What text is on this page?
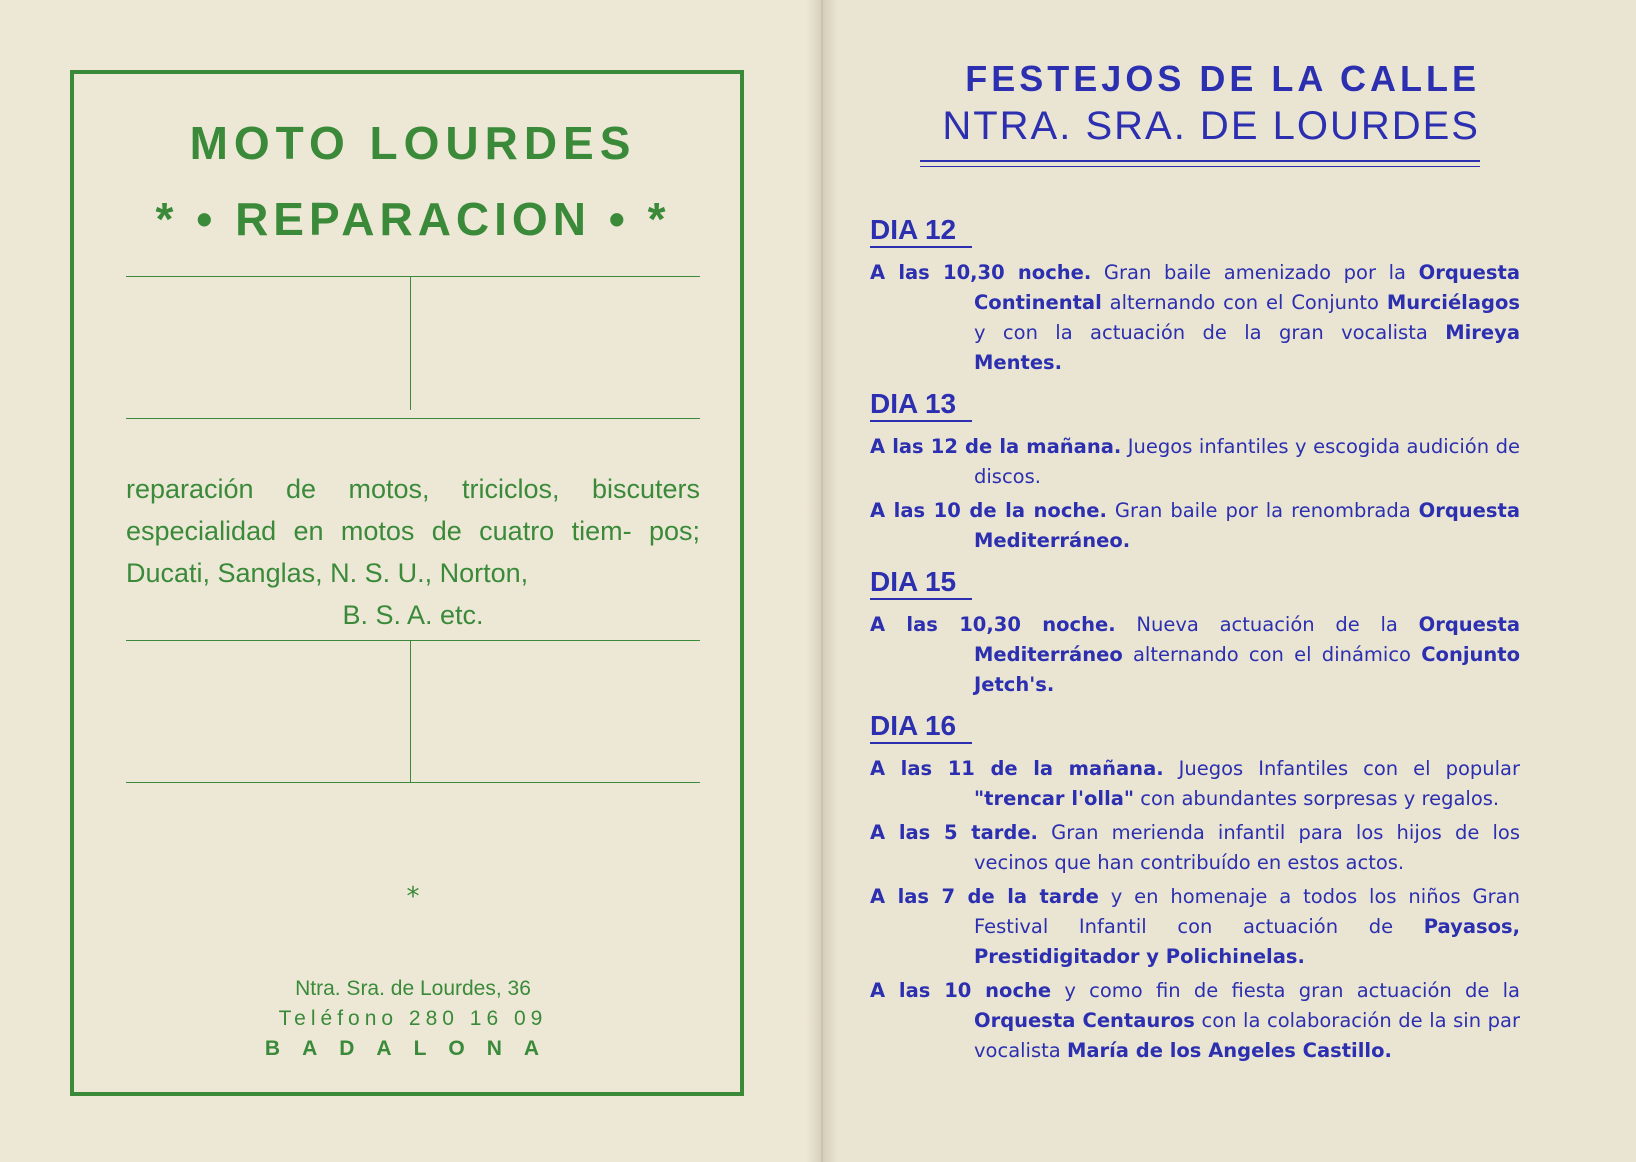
MOTO LOURDES
* • REPARACION • *
reparación de motos, triciclos, biscuters especialidad en motos de cuatro tiem- pos; Ducati, Sanglas, N. S. U., Norton,
B. S. A. etc.
*
Ntra. Sra. de Lourdes, 36
Teléfono 280 16 09
BADALONA
FESTEJOS DE LA CALLE
NTRA. SRA. DE LOURDES
DIA 12
A las 10,30 noche. Gran baile amenizado por la Orquesta Continental alternando con el Conjunto Murciélagos y con la actuación de la gran vocalista Mireya Mentes.
DIA 13
A las 12 de la mañana. Juegos infantiles y escogida audición de discos.
A las 10 de la noche. Gran baile por la renombrada Orquesta Mediterráneo.
DIA 15
A las 10,30 noche. Nueva actuación de la Orquesta Mediterráneo alternando con el dinámico Conjunto Jetch's.
DIA 16
A las 11 de la mañana. Juegos Infantiles con el popular "trencar l'olla" con abundantes sorpresas y regalos.
A las 5 tarde. Gran merienda infantil para los hijos de los vecinos que han contribuído en estos actos.
A las 7 de la tarde y en homenaje a todos los niños Gran Festival Infantil con actuación de Payasos, Prestidigitador y Polichinelas.
A las 10 noche y como fin de fiesta gran actuación de la Orquesta Centauros con la colaboración de la sin par vocalista María de los Angeles Castillo.
